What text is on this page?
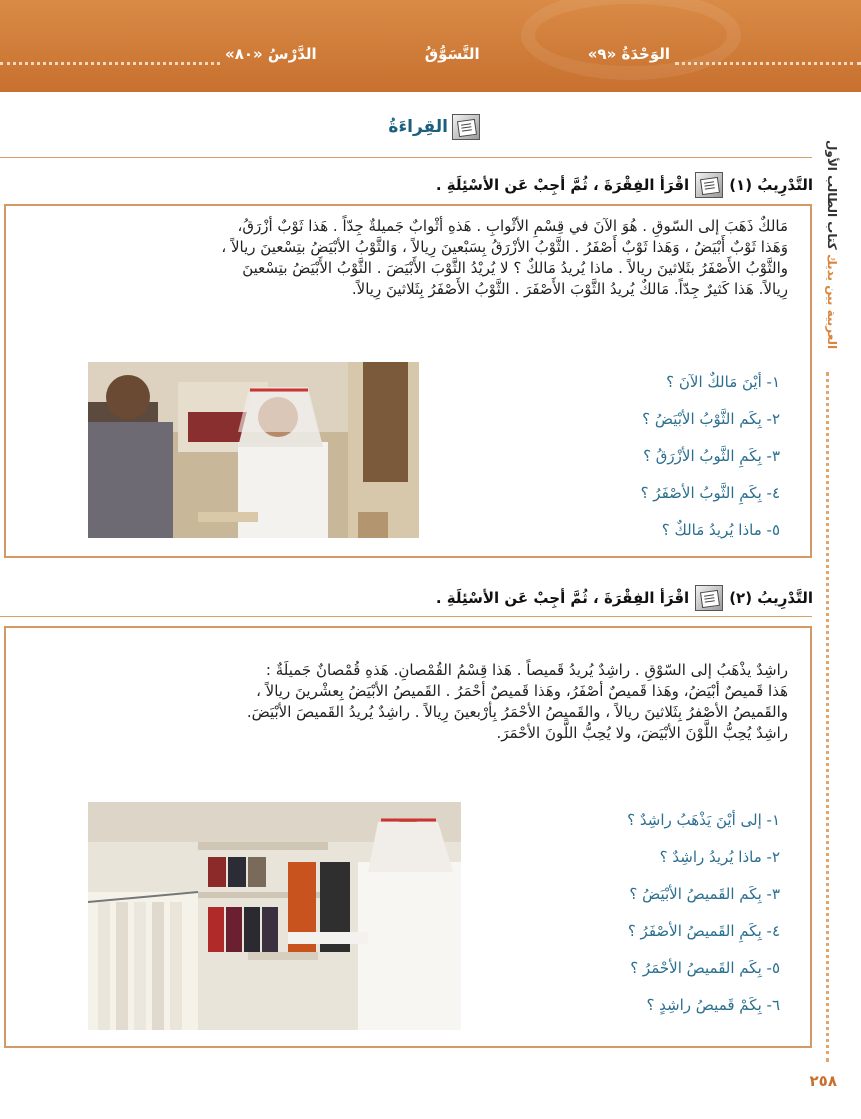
الوَحْدَةُ «٩»
التَّسَوُّقُ
الدَّرْسُ «٨٠»
العربية بين يديك كتاب الطالب الأول
٢٥٨
القِراءَةُ
التَّدْرِيبُ (١)
اقْرَأ الفِقْرَةَ ، ثُمَّ أجِبْ عَن الأسْئِلَةِ .
مَالكٌ ذَهَبَ إلى السّوقِ . هُوَ الآنَ في قِسْمِ الأثْوابِ . هَذهِ أثْوابٌ جَميلةٌ جِدّاً . هَذا ثَوْبٌ أزْرَقُ،
وَهَذا ثَوْبٌ أَبْيَضُ ، وَهَذا ثَوْبٌ أَصْفَرُ . الثَّوْبُ الأزْرَقُ بِسَبْعينَ رِيالاً ، وَالثَّوْبُ الأبْيَضُ بتِسْعينَ ريالاً ،
والثَّوْبُ الأَصْفَرُ بثَلاثينَ ريالاً . ماذا يُريدُ مَالكٌ ؟ لا يُريْدُ الثَّوْبَ الأَبْيَضَ . الثَّوْبُ الأَبْيَضُ بتِسْعينَ
رِيالاً. هَذا كَثيرٌ جِدّاً. مَالكٌ يُريدُ الثَّوْبَ الأَصْفَرَ . الثَّوْبُ الأَصْفَرُ بِثَلاثينَ رِيالاً.
١- أيْنَ مَالكٌ الآنَ ؟
٢- بِكَم الثَّوْبُ الأبْيَضُ ؟
٣- بِكَمِ الثَّوبُ الأزْرَقُ ؟
٤- بِكَمِ الثَّوبُ الأصْفَرُ ؟
٥- ماذا يُريدُ مَالكٌ ؟
التَّدْرِيبُ (٢)
اقْرَأ الفِقْرَةَ ، ثُمَّ أجِبْ عَن الأسْئِلَةِ .
راشِدٌ يذْهَبُ إلى السّوْقِ . راشِدٌ يُريدُ قَميصاً . هَذا قِسْمُ القُمْصانِ. هَذهِ قُمْصانٌ جَميلَةٌ :
هَذا قَميصٌ أبْيَضُ، وهَذا قَميصٌ أصْفَرُ، وهَذا قَميصٌ أحْمَرُ . القَميصُ الأبْيَضُ بِعشْرينَ ريالاً ،
والقَميصُ الأصْفرُ بِثَلاثينَ ريالاً ، والقَميصُ الأحْمَرُ بِأرْبعينَ رِيالاً . راشِدٌ يُريدُ القَميصَ الأبْيَضَ.
راشِدٌ يُحِبُّ اللَّوْنَ الأبْيَضَ، ولا يُحِبُّ اللَّونَ الأحْمَرَ.
١- إلى أيْنَ يَذْهَبُ راشِدٌ ؟
٢- ماذا يُريدُ راشِدٌ ؟
٣- بِكَم القَميصُ الأبْيَضُ ؟
٤- بِكَمِ القَميصُ الأصْفَرُ ؟
٥- بِكَم القَميصُ الأحْمَرُ ؟
٦- بِكَمْ قَميصُ راشِدٍ ؟
